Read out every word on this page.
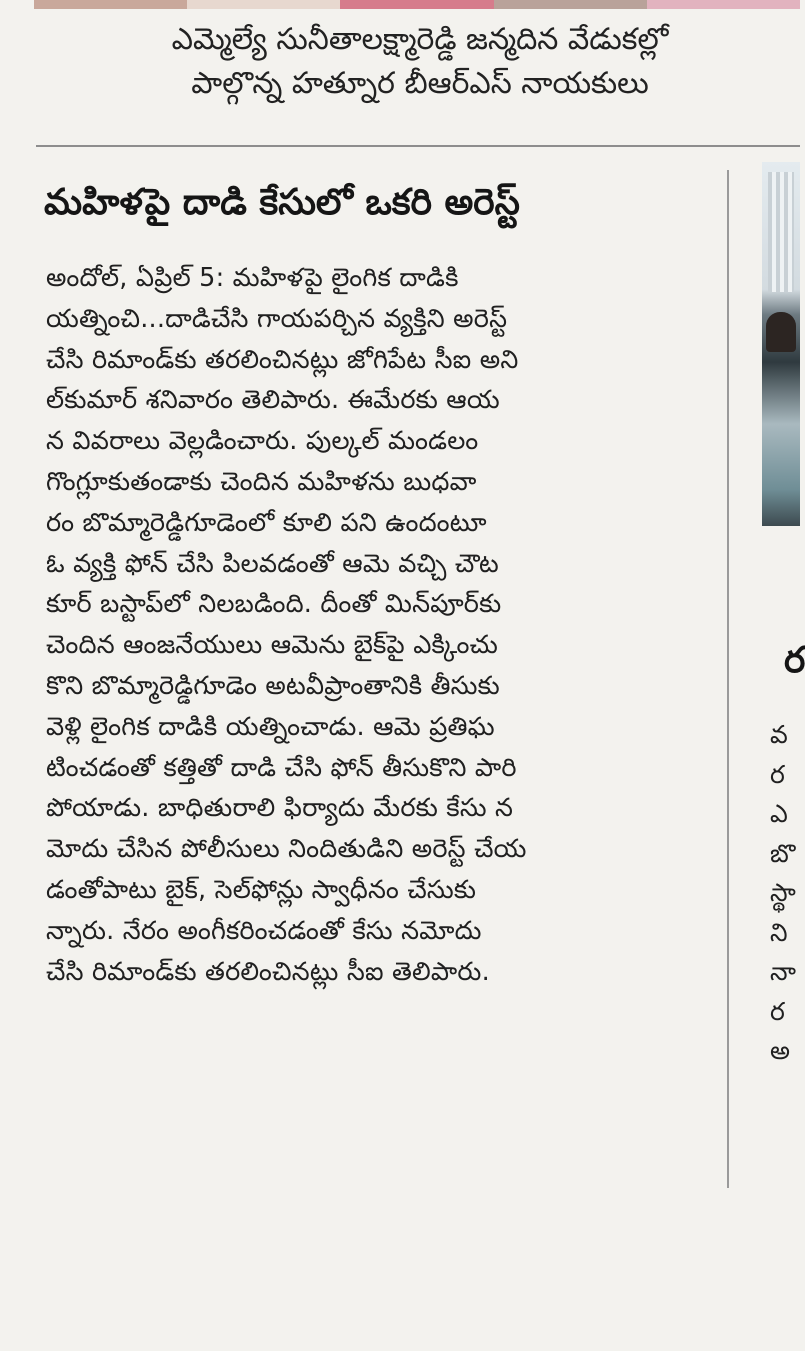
ఎమ్మెల్యే సునీతాలక్ష్మారెడ్డి జన్మదిన వేడుకల్లో
పాల్గొన్న హత్నూర బీఆర్‌ఎస్ నాయకులు
మహిళపై దాడి కేసులో ఒకరి అరెస్ట్
అందోల్, ఏప్రిల్ 5: మహిళపై లైంగిక దాడికి
యత్నించి...దాడిచేసి గాయపర్చిన వ్యక్తిని అరెస్ట్
చేసి రిమాండ్‌కు తరలించినట్లు జోగిపేట సీఐ అని
ల్‌కుమార్ శనివారం తెలిపారు. ఈమేరకు ఆయ
న వివరాలు వెల్లడించారు. పుల్కల్ మండలం
గొంగ్లూకుతండాకు చెందిన మహిళను బుధవా
రం బొమ్మారెడ్డిగూడెంలో కూలి పని ఉందంటూ
ఓ వ్యక్తి ఫోన్ చేసి పిలవడంతో ఆమె వచ్చి చౌట
కూర్ బస్టాప్‌లో నిలబడింది. దీంతో మిన్‌పూర్‌కు
చెందిన ఆంజనేయులు ఆమెను బైక్‌పై ఎక్కించు
కొని బొమ్మారెడ్డిగూడెం అటవీప్రాంతానికి తీసుకు
వెళ్లి లైంగిక దాడికి యత్నించాడు. ఆమె ప్రతిఘ
టించడంతో కత్తితో దాడి చేసి ఫోన్ తీసుకొని పారి
పోయాడు. బాధితురాలి ఫిర్యాదు మేరకు కేసు న
మోదు చేసిన పోలీసులు నిందితుడిని అరెస్ట్ చేయ
డంతోపాటు బైక్, సెల్‌ఫోన్లు స్వాధీనం చేసుకు
న్నారు. నేరం అంగీకరించడంతో కేసు నమోదు
చేసి రిమాండ్‌కు తరలించినట్లు సీఐ తెలిపారు.
ర
వ
ర
ఎ
బొ
స్థా
ని
నా
ర
అ
